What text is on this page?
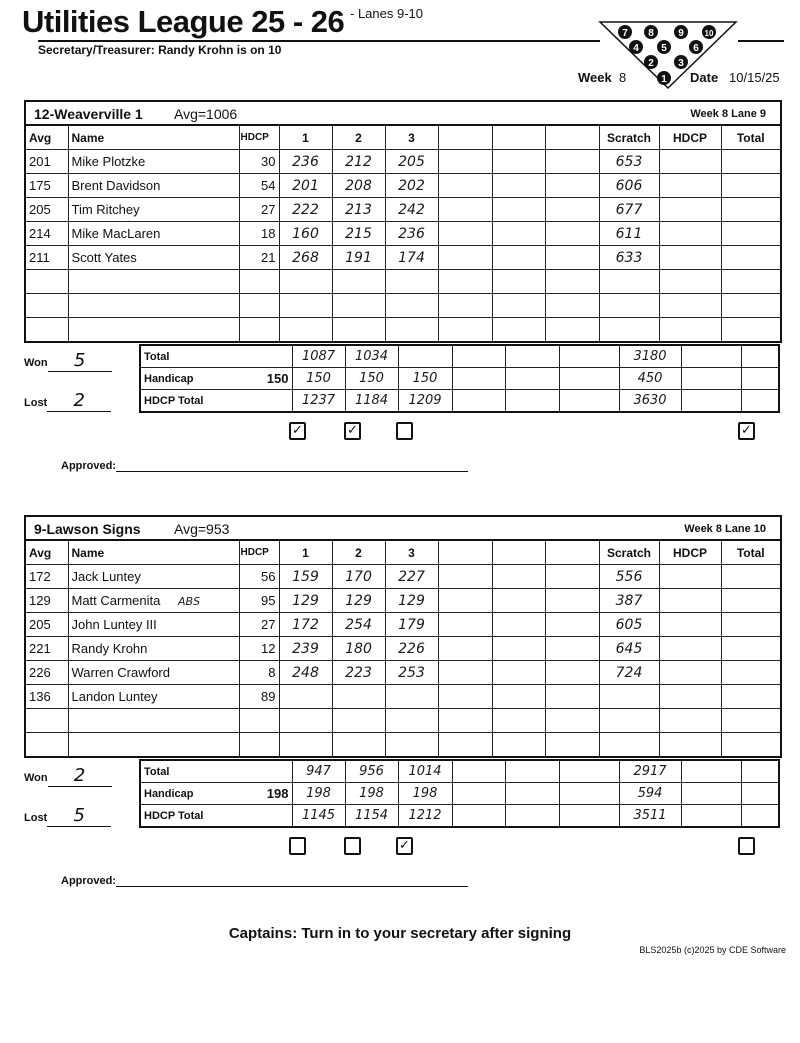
Utilities League 25 - 26 - Lanes 9-10
Secretary/Treasurer: Randy Krohn is on 10
7 8 9	10
4 5	6
2 3
1
Week 8	Date 10/15/25
12-Weaverville 1 Avg=1006	Week 8 Lane 9
Avg	Name	HDCP	1	2	3				Scratch	HDCP	Total
201	Mike Plotzke	30	236	212	205				653		
175	Brent Davidson	54	201	208	202				606		
205	Tim Ritchey	27	222	213	242				677		
214	Mike MacLaren	18	160	215	236				611		
211	Scott Yates	21	268	191	174				633		

Won 5
Lost 2
Total		1087	1034					3180		
Handicap	150	150	150	150				450		
HDCP Total		1237	1184	1209				3630		
✓	✓	✓
Approved:
9-Lawson Signs Avg=953	Week 8 Lane 10
Avg	Name	HDCP	1	2	3				Scratch	HDCP	Total
172	Jack Luntey	56	159	170	227				556		
129	Matt Carmenita ABS	95	129	129	129				387		
205	John Luntey III	27	172	254	179				605		
221	Randy Krohn	12	239	180	226				645		
226	Warren Crawford	8	248	223	253				724		
136	Landon Luntey	89									

Won 2
Lost 5
Total		947	956	1014				2917		
Handicap	198	198	198	198				594		
HDCP Total		1145	1154	1212				3511		
✓
Approved:
Captains: Turn in to your secretary after signing
BLS2025b (c)2025 by CDE Software
